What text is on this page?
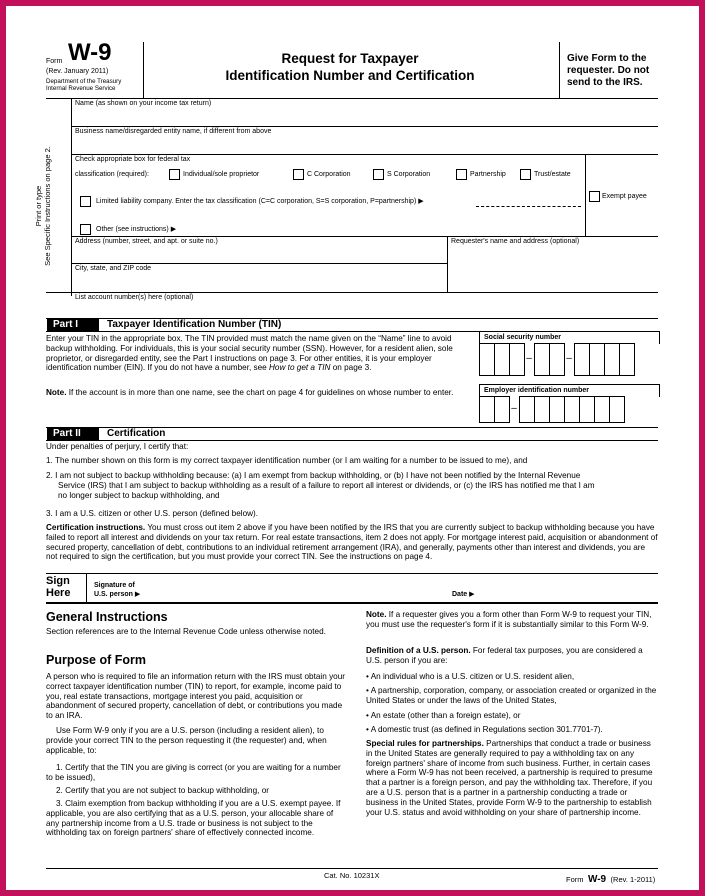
Form W-9
(Rev. January 2011)
Department of the Treasury
Internal Revenue Service
Request for Taxpayer
Identification Number and Certification
Give Form to the
requester. Do not
send to the IRS.
Print or type See Specific Instructions on page 2.
Name (as shown on your income tax return)
Business name/disregarded entity name, if different from above
Check appropriate box for federal tax
classification (required):	Individual/sole proprietor	C Corporation	S Corporation	Partnership	Trust/estate
Exempt payee
Limited liability company. Enter the tax classification (C=C corporation, S=S corporation, P=partnership) ▶
Other (see instructions) ▶
Address (number, street, and apt. or suite no.)	Requester's name and address (optional)
City, state, and ZIP code
List account number(s) here (optional)
Part I	Taxpayer Identification Number (TIN)
Enter your TIN in the appropriate box. The TIN provided must match the name given on the “Name” line to avoid backup withholding. For individuals, this is your social security number (SSN). However, for a resident alien, sole proprietor, or disregarded entity, see the Part I instructions on page 3. For other entities, it is your employer identification number (EIN). If you do not have a number, see How to get a TIN on page 3.
Note. If the account is in more than one name, see the chart on page 4 for guidelines on whose number to enter.
Social security number
–	–
Employer identification number
–
Part II	Certification
Under penalties of perjury, I certify that:
1. The number shown on this form is my correct taxpayer identification number (or I am waiting for a number to be issued to me), and
2. I am not subject to backup withholding because: (a) I am exempt from backup withholding, or (b) I have not been notified by the Internal Revenue
Service (IRS) that I am subject to backup withholding as a result of a failure to report all interest or dividends, or (c) the IRS has notified me that I am
no longer subject to backup withholding, and
3. I am a U.S. citizen or other U.S. person (defined below).
Certification instructions. You must cross out item 2 above if you have been notified by the IRS that you are currently subject to backup withholding because you have failed to report all interest and dividends on your tax return. For real estate transactions, item 2 does not apply. For mortgage interest paid, acquisition or abandonment of secured property, cancellation of debt, contributions to an individual retirement arrangement (IRA), and generally, payments other than interest and dividends, you are not required to sign the certification, but you must provide your correct TIN. See the instructions on page 4.
Sign
Here
Signature of
U.S. person ▶	Date ▶
General Instructions
Section references are to the Internal Revenue Code unless otherwise noted.
Purpose of Form
A person who is required to file an information return with the IRS must obtain your correct taxpayer identification number (TIN) to report, for example, income paid to you, real estate transactions, mortgage interest you paid, acquisition or abandonment of secured property, cancellation of debt, or contributions you made to an IRA.
Use Form W-9 only if you are a U.S. person (including a resident alien), to provide your correct TIN to the person requesting it (the requester) and, when applicable, to:
1. Certify that the TIN you are giving is correct (or you are waiting for a number to be issued),
2. Certify that you are not subject to backup withholding, or
3. Claim exemption from backup withholding if you are a U.S. exempt payee. If applicable, you are also certifying that as a U.S. person, your allocable share of any partnership income from a U.S. trade or business is not subject to the withholding tax on foreign partners' share of effectively connected income.
Note. If a requester gives you a form other than Form W-9 to request your TIN, you must use the requester's form if it is substantially similar to this Form W-9.
Definition of a U.S. person. For federal tax purposes, you are considered a U.S. person if you are:
• An individual who is a U.S. citizen or U.S. resident alien,
• A partnership, corporation, company, or association created or organized in the United States or under the laws of the United States,
• An estate (other than a foreign estate), or
• A domestic trust (as defined in Regulations section 301.7701-7).
Special rules for partnerships. Partnerships that conduct a trade or business in the United States are generally required to pay a withholding tax on any foreign partners' share of income from such business. Further, in certain cases where a Form W-9 has not been received, a partnership is required to presume that a partner is a foreign person, and pay the withholding tax. Therefore, if you are a U.S. person that is a partner in a partnership conducting a trade or business in the United States, provide Form W-9 to the partnership to establish your U.S. status and avoid withholding on your share of partnership income.
Cat. No. 10231X	Form W-9 (Rev. 1-2011)
